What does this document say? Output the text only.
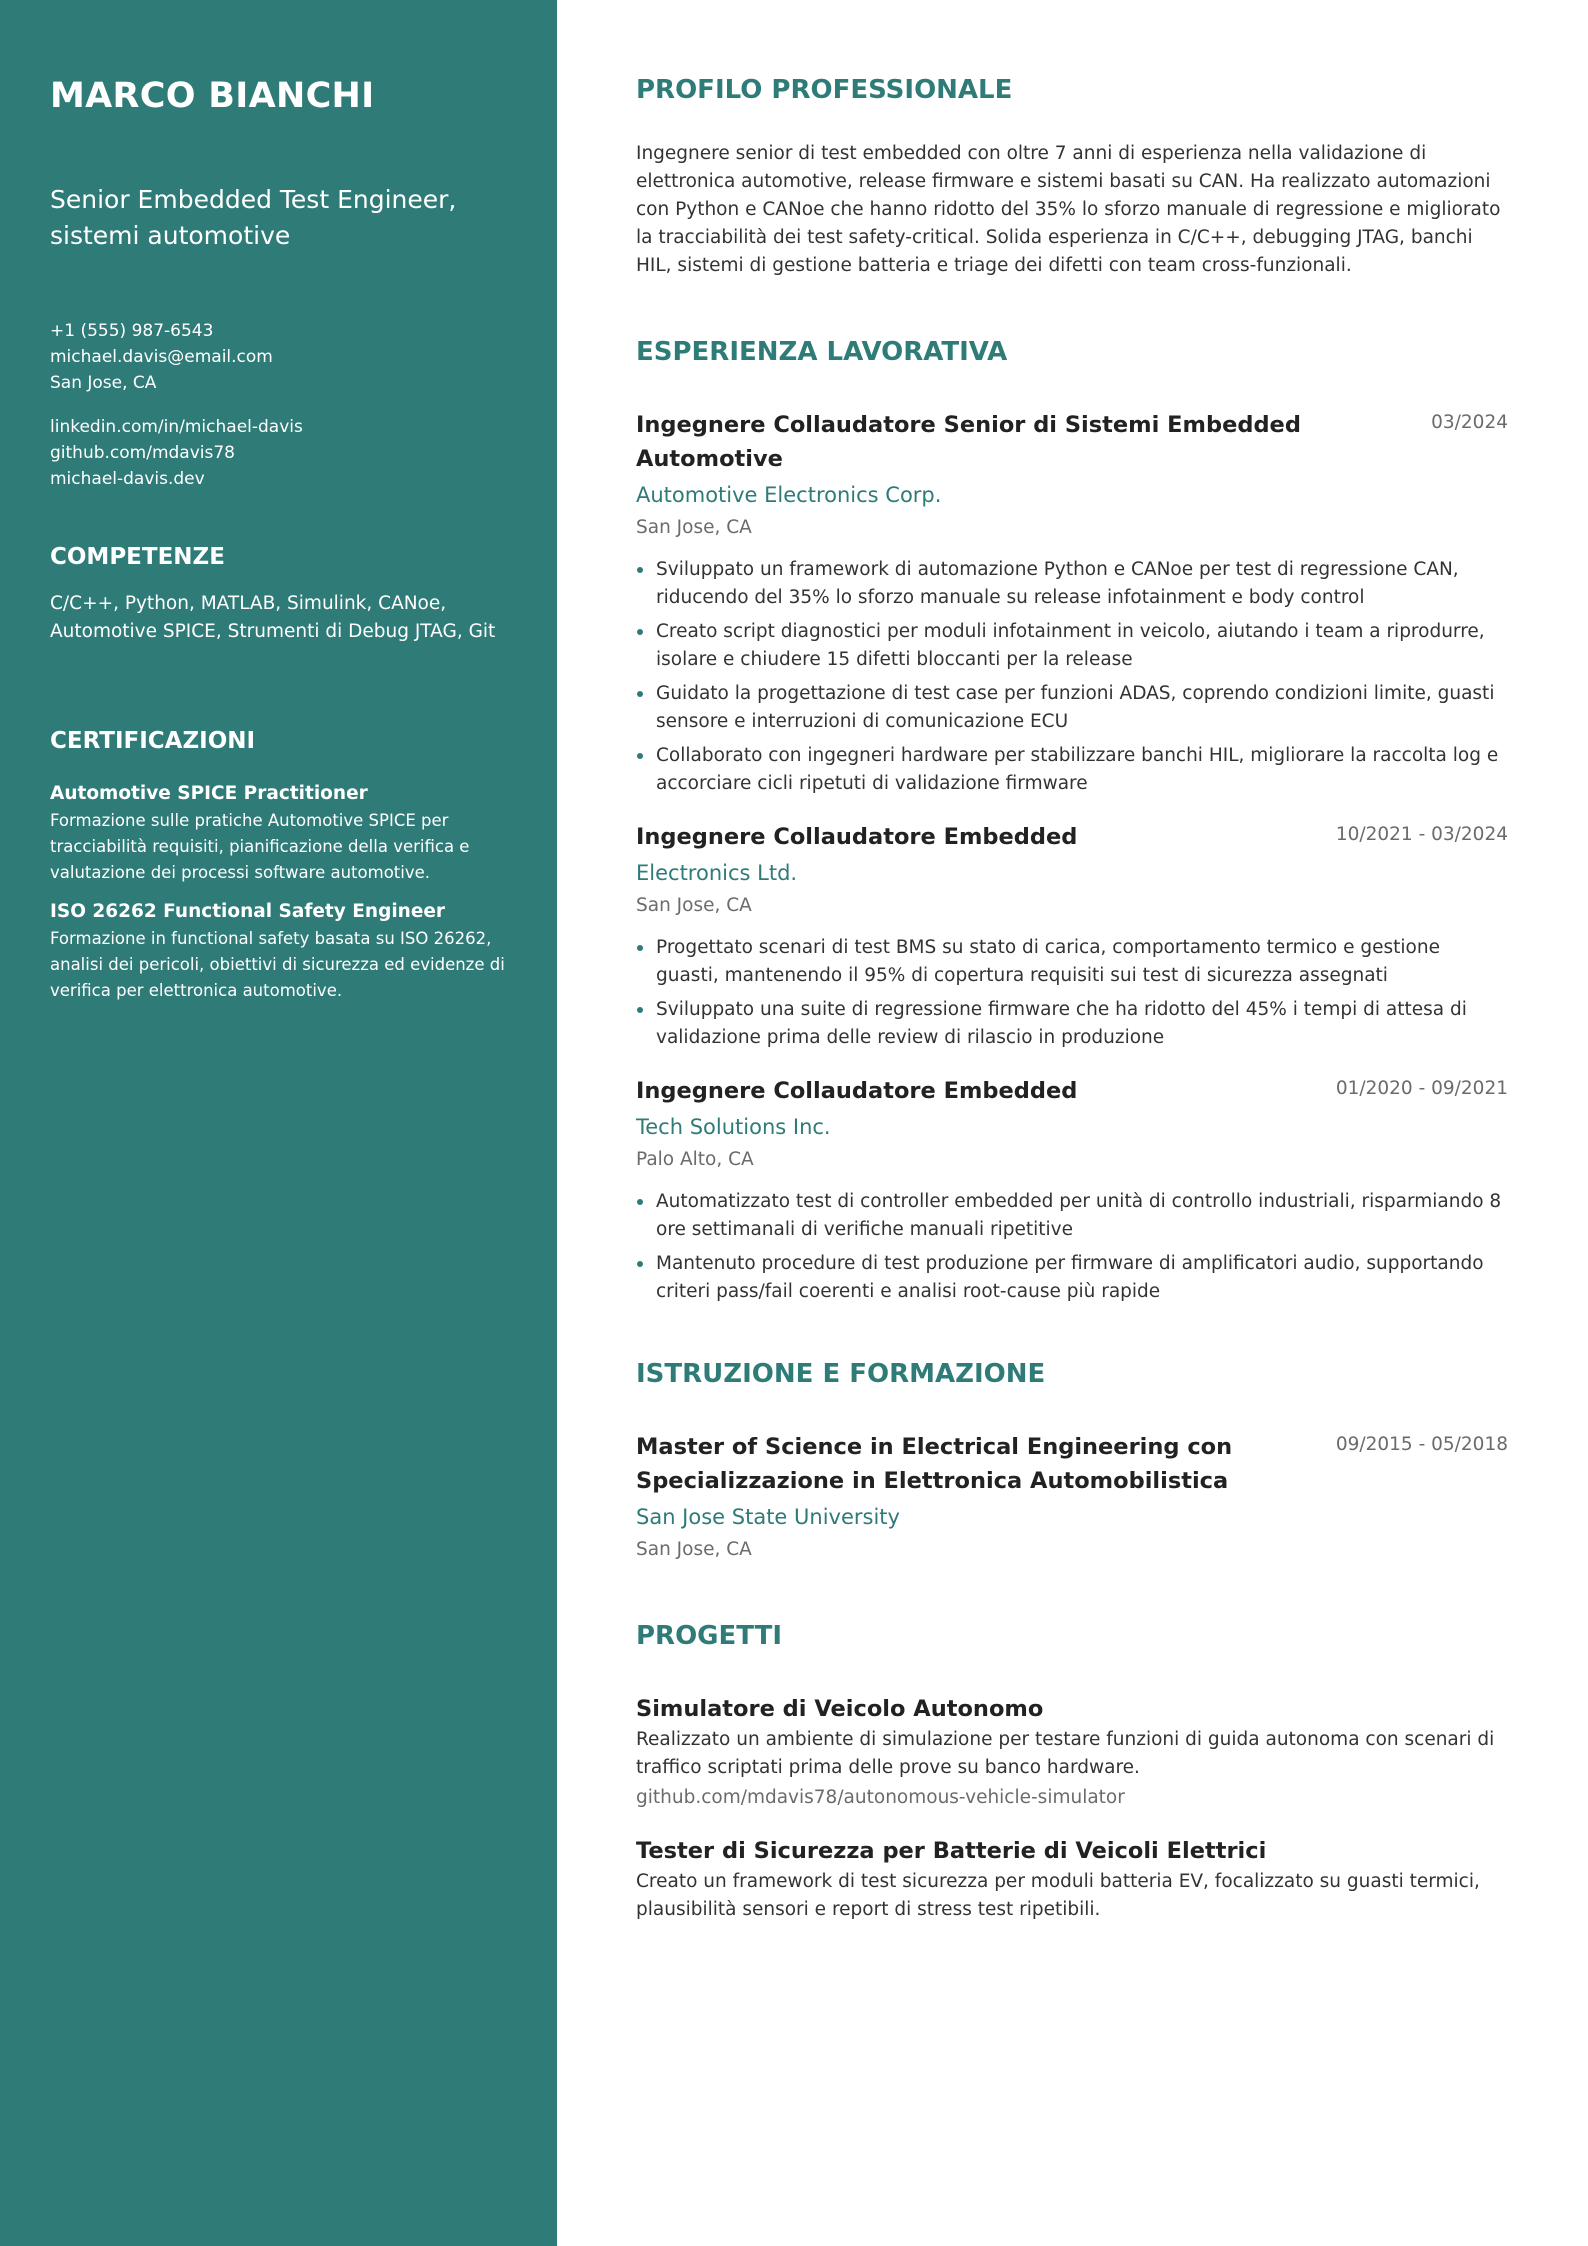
MARCO BIANCHI
Senior Embedded Test Engineer, sistemi automotive
+1 (555) 987-6543
michael.davis@email.com
San Jose, CA
linkedin.com/in/michael-davis
github.com/mdavis78
michael-davis.dev
COMPETENZE
C/C++, Python, MATLAB, Simulink, CANoe, Automotive SPICE, Strumenti di Debug JTAG, Git
CERTIFICAZIONI
Automotive SPICE Practitioner
Formazione sulle pratiche Automotive SPICE per tracciabilità requisiti, pianificazione della verifica e valutazione dei processi software automotive.
ISO 26262 Functional Safety Engineer
Formazione in functional safety basata su ISO 26262, analisi dei pericoli, obiettivi di sicurezza ed evidenze di verifica per elettronica automotive.
PROFILO PROFESSIONALE

Ingegnere senior di test embedded con oltre 7 anni di esperienza nella validazione di elettronica automotive, release firmware e sistemi basati su CAN. Ha realizzato automazioni con Python e CANoe che hanno ridotto del 35% lo sforzo manuale di regressione e migliorato la tracciabilità dei test safety-critical. Solida esperienza in C/C++, debugging JTAG, banchi HIL, sistemi di gestione batteria e triage dei difetti con team cross-funzionali.

ESPERIENZA LAVORATIVA
Ingegnere Collaudatore Senior di Sistemi Embedded Automotive
03/2024
Automotive Electronics Corp.
San Jose, CA
Sviluppato un framework di automazione Python e CANoe per test di regressione CAN, riducendo del 35% lo sforzo manuale su release infotainment e body control
Creato script diagnostici per moduli infotainment in veicolo, aiutando i team a riprodurre, isolare e chiudere 15 difetti bloccanti per la release
Guidato la progettazione di test case per funzioni ADAS, coprendo condizioni limite, guasti sensore e interruzioni di comunicazione ECU
Collaborato con ingegneri hardware per stabilizzare banchi HIL, migliorare la raccolta log e accorciare cicli ripetuti di validazione firmware
Ingegnere Collaudatore Embedded	10/2021 - 03/2024
Electronics Ltd.
San Jose, CA
Progettato scenari di test BMS su stato di carica, comportamento termico e gestione guasti, mantenendo il 95% di copertura requisiti sui test di sicurezza assegnati
Sviluppato una suite di regressione firmware che ha ridotto del 45% i tempi di attesa di validazione prima delle review di rilascio in produzione
Ingegnere Collaudatore Embedded	01/2020 - 09/2021
Tech Solutions Inc.
Palo Alto, CA
Automatizzato test di controller embedded per unità di controllo industriali, risparmiando 8 ore settimanali di verifiche manuali ripetitive
Mantenuto procedure di test produzione per firmware di amplificatori audio, supportando criteri pass/fail coerenti e analisi root-cause più rapide
ISTRUZIONE E FORMAZIONE
Master of Science in Electrical Engineering con Specializzazione in Elettronica Automobilistica
09/2015 - 05/2018
San Jose State University
San Jose, CA
PROGETTI
Simulatore di Veicolo Autonomo
Realizzato un ambiente di simulazione per testare funzioni di guida autonoma con scenari di traffico scriptati prima delle prove su banco hardware.
github.com/mdavis78/autonomous-vehicle-simulator
Tester di Sicurezza per Batterie di Veicoli Elettrici
Creato un framework di test sicurezza per moduli batteria EV, focalizzato su guasti termici, plausibilità sensori e report di stress test ripetibili.
